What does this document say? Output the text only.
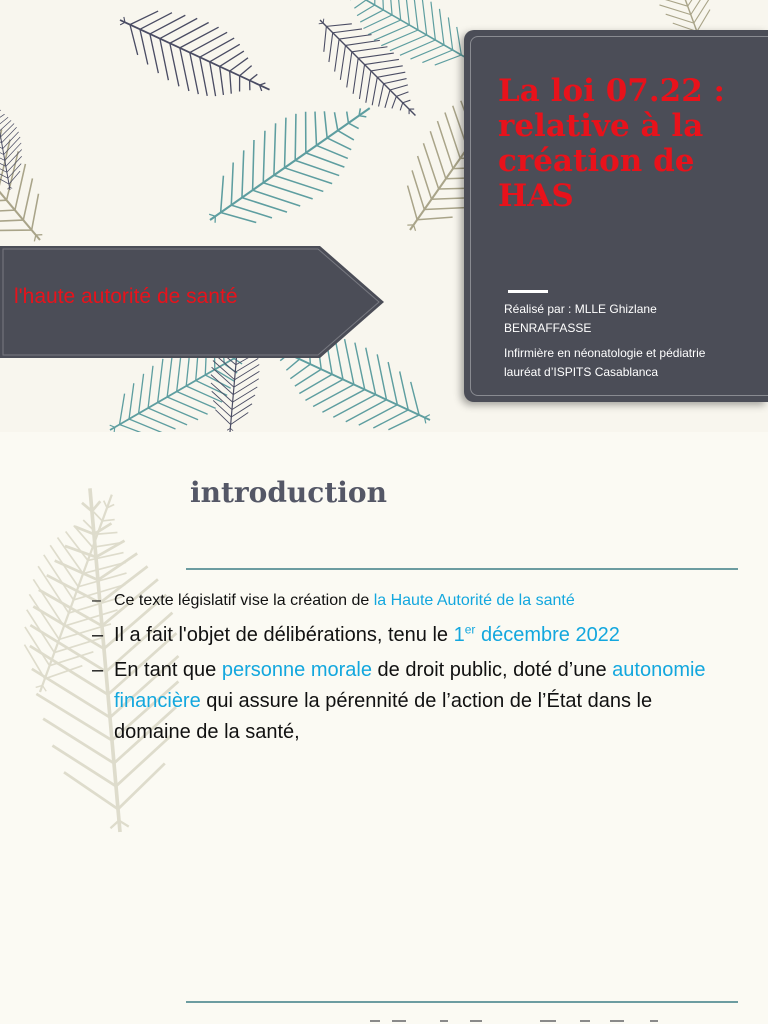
l'haute autorité de santé
La loi 07.22 : relative à la création de HAS

Réalisé par : MLLE Ghizlane BENRAFFASSE

Infirmière en néonatologie et pédiatrie lauréat d’ISPITS Casablanca

introduction
– Ce texte législatif vise la création de la Haute Autorité de la santé
– Il a fait l'objet de délibérations, tenu le 1er décembre 2022
– En tant que personne morale de droit public, doté d’une autonomie financière qui assure la pérennité de l’action de l’État dans le domaine de la santé,
